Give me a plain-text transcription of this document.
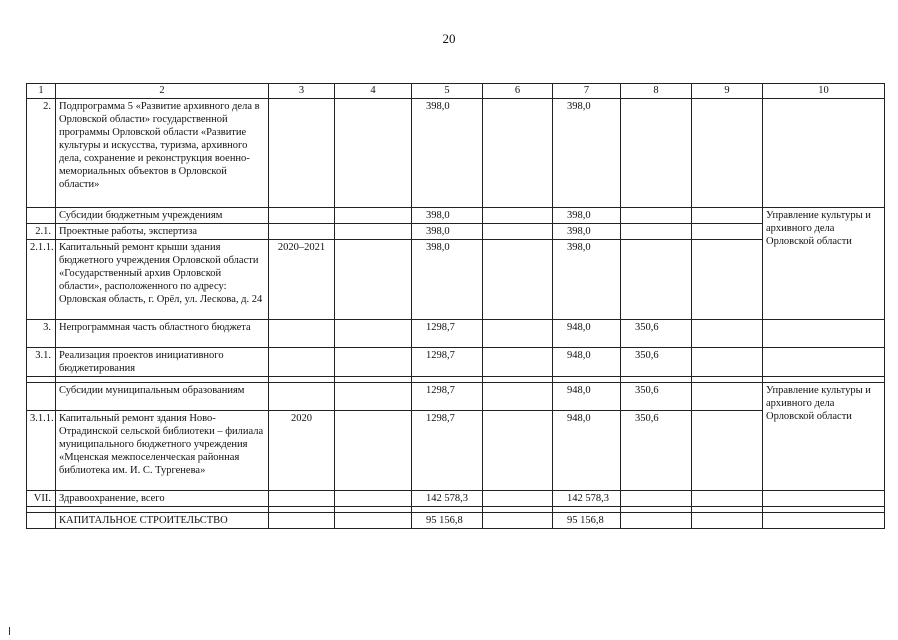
20
1	2	3	4	5	6	7	8	9	10
2.	Подпрограмма 5 «Развитие архивного дела в Орловской области» государственной программы Орловской области «Развитие культуры и искусства, туризма, архивного дела, сохранение и реконструкция военно-мемориальных объектов в Орловской области»			398,0		398,0			
	Субсидии бюджетным учреждениям			398,0		398,0			Управление культуры и архивного дела Орловской области
2.1.	Проектные работы, экспертиза			398,0		398,0			
2.1.1.	Капитальный ремонт крыши здания бюджетного учреждения Орловской области «Государственный архив Орловской области», расположенного по адресу: Орловская область, г. Орёл, ул. Лескова, д. 24	2020–2021		398,0		398,0			
3.	Непрограммная часть областного бюджета			1298,7		948,0	350,6		
3.1.	Реализация проектов инициативного бюджетирования			1298,7		948,0	350,6		

	Субсидии муниципальным образованиям			1298,7		948,0	350,6		Управление культуры и архивного дела Орловской области
3.1.1.	Капитальный ремонт здания Ново-Отрадинской сельской библиотеки – филиала муниципального бюджетного учреждения «Мценская межпоселенческая районная библиотека им. И. С. Тургенева»	2020		1298,7		948,0	350,6		
VII.	Здравоохранение, всего			142 578,3		142 578,3			

	КАПИТАЛЬНОЕ СТРОИТЕЛЬСТВО			95 156,8		95 156,8			
